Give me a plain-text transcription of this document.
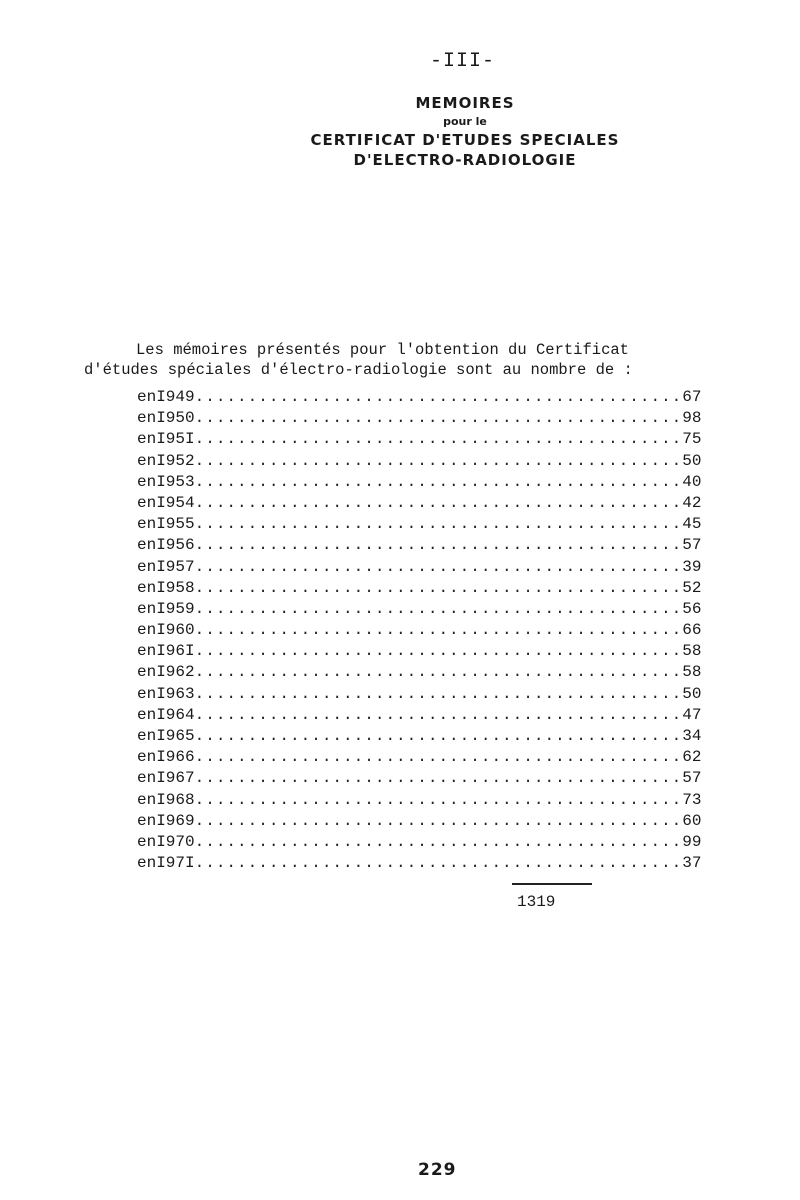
-III-
MEMOIRES
pour le
CERTIFICAT D'ETUDES SPECIALES
D'ELECTRO-RADIOLOGIE
Les mémoires présentés pour l'obtention du Certificat
d'études spéciales d'électro-radiologie sont au nombre de :
en I949 .............................................. 67
en I950 .............................................. 98
en I95I .............................................. 75
en I952 .............................................. 50
en I953 .............................................. 40
en I954 .............................................. 42
en I955 .............................................. 45
en I956 .............................................. 57
en I957 .............................................. 39
en I958 .............................................. 52
en I959 .............................................. 56
en I960 .............................................. 66
en I96I .............................................. 58
en I962 .............................................. 58
en I963 .............................................. 50
en I964 .............................................. 47
en I965 .............................................. 34
en I966 .............................................. 62
en I967 .............................................. 57
en I968 .............................................. 73
en I969 .............................................. 60
en I970 .............................................. 99
en I97I .............................................. 37
1319
229
